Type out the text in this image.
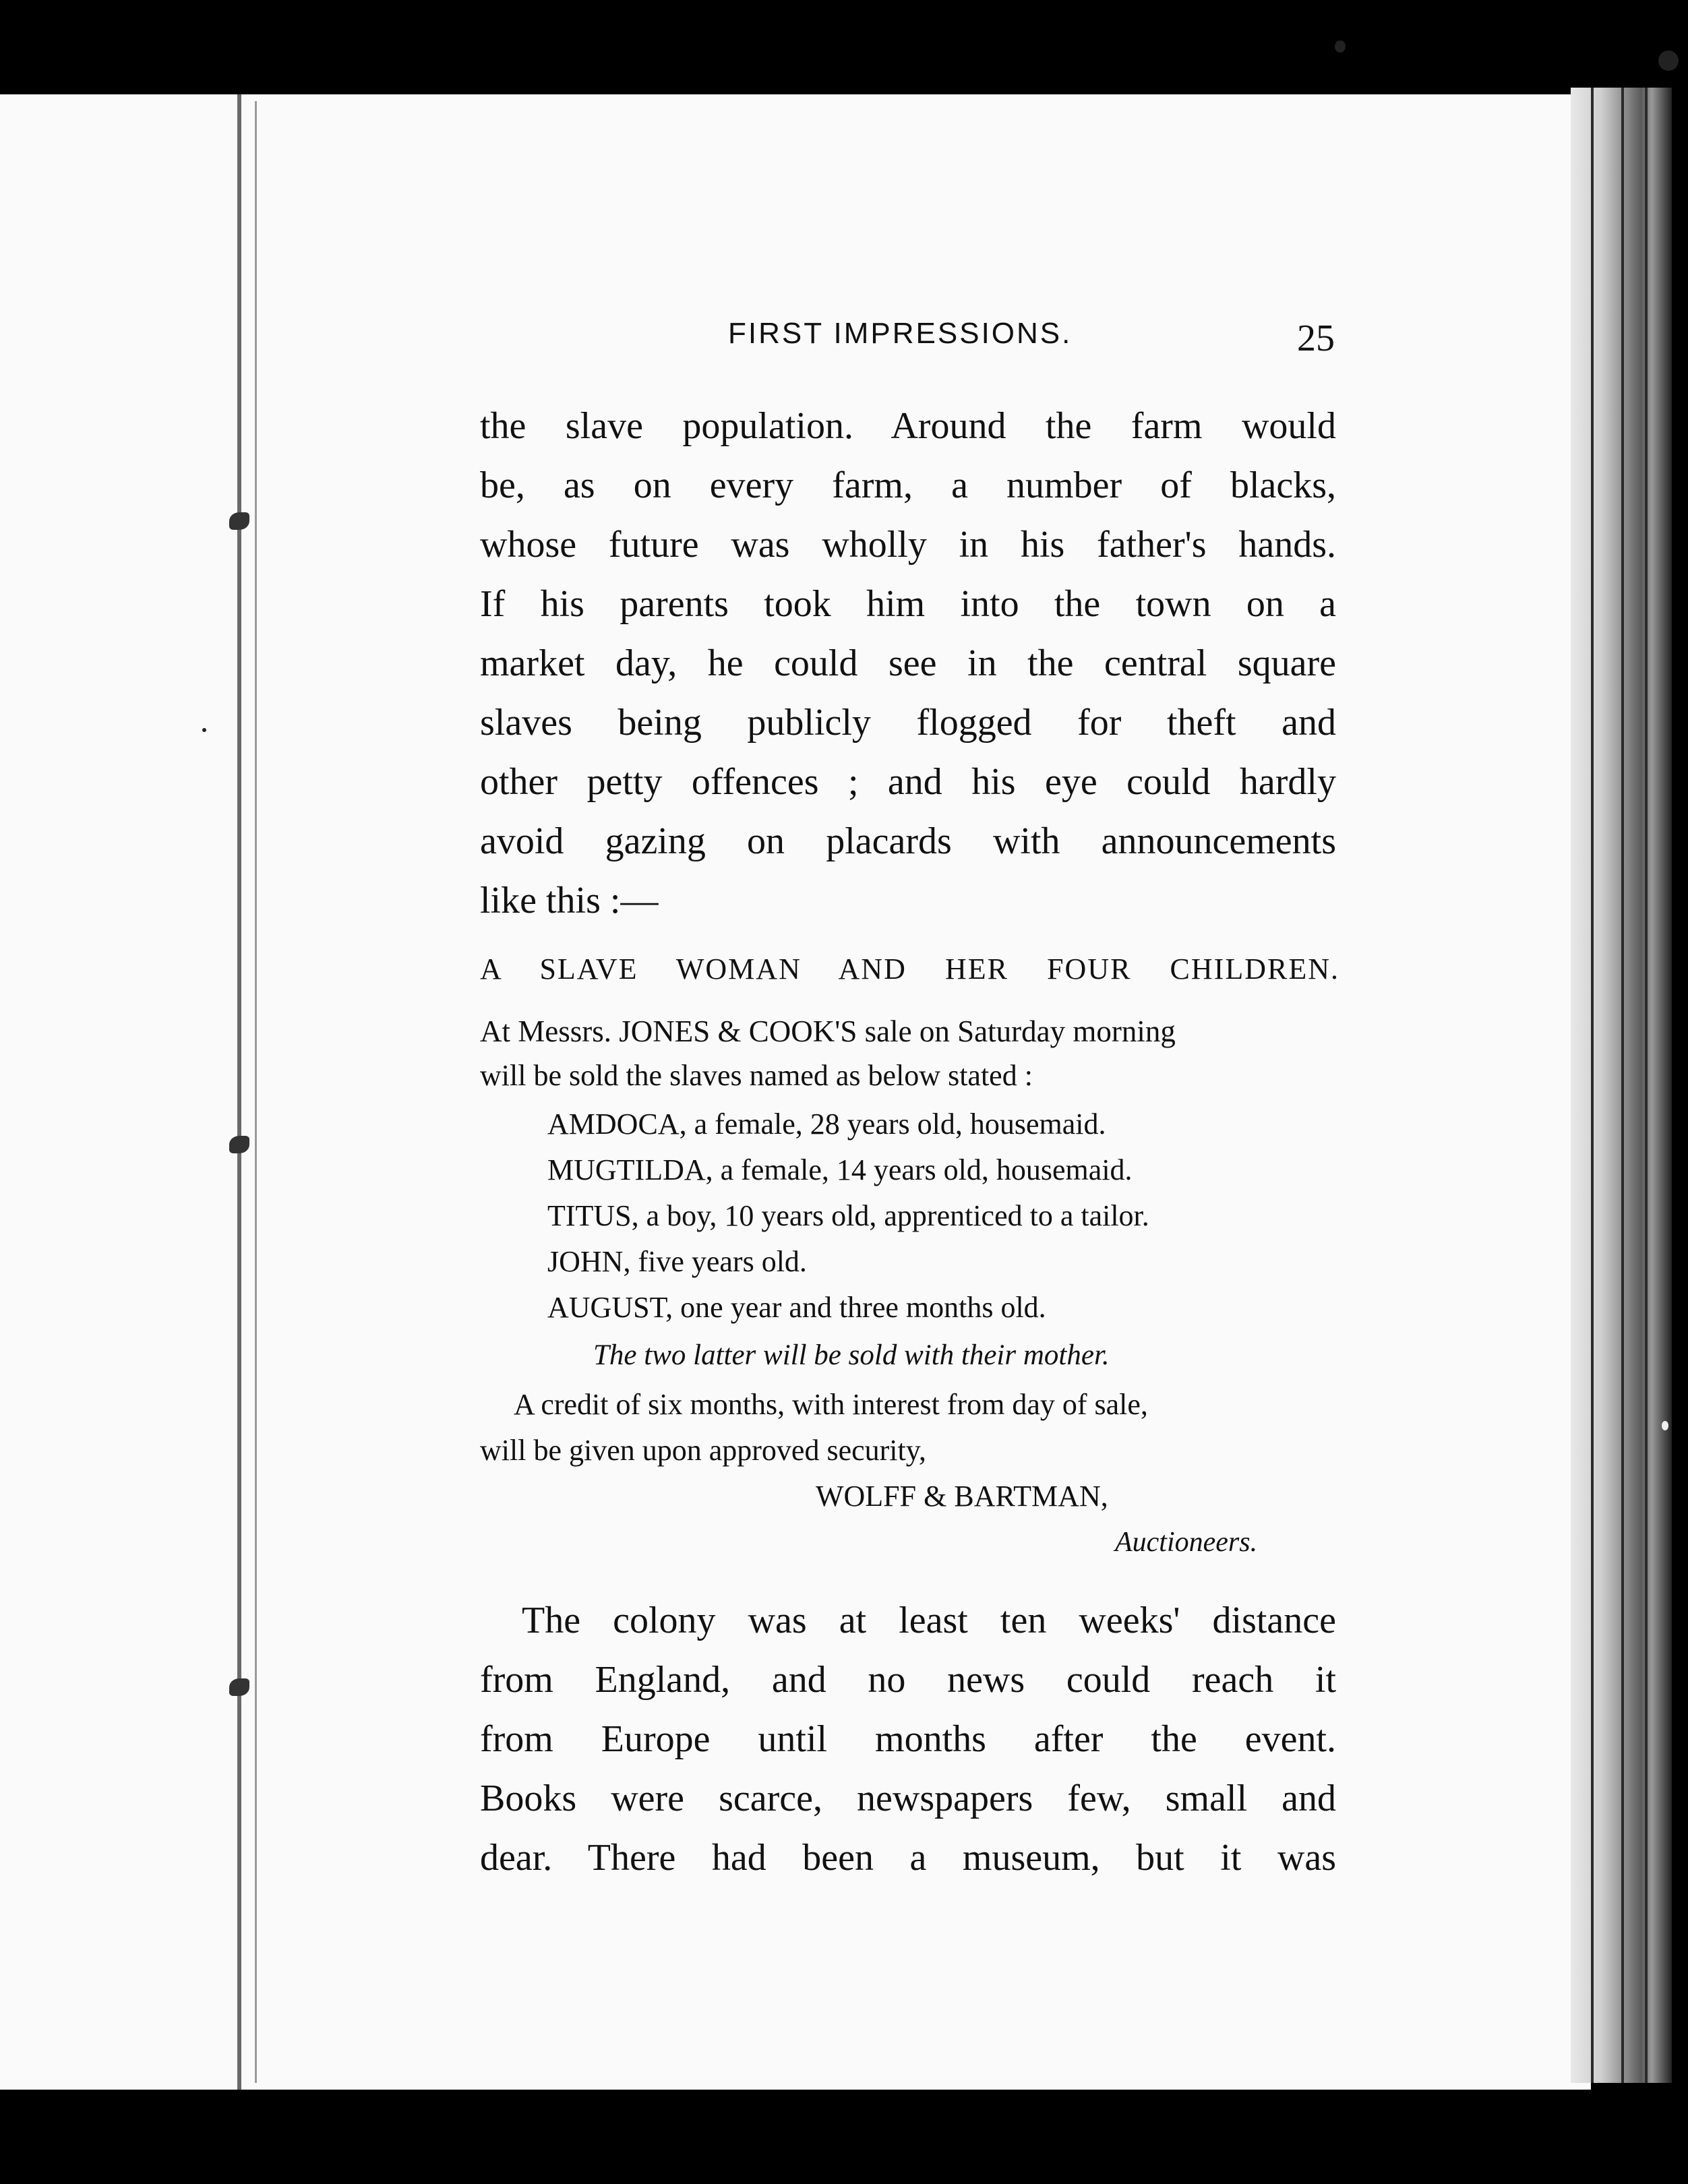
FIRST IMPRESSIONS.	25
the slave population. Around the farm would
be, as on every farm, a number of blacks,
whose future was wholly in his father's hands.
If his parents took him into the town on a
market day, he could see in the central square
slaves being publicly flogged for theft and
other petty offences ; and his eye could hardly
avoid gazing on placards with announcements
like this :—
A SLAVE WOMAN AND HER FOUR CHILDREN.
At Messrs. JONES & COOK'S sale on Saturday morning
will be sold the slaves named as below stated :
AMDOCA, a female, 28 years old, housemaid.
MUGTILDA, a female, 14 years old, housemaid.
TITUS, a boy, 10 years old, apprenticed to a tailor.
JOHN, five years old.
AUGUST, one year and three months old.
The two latter will be sold with their mother.
A credit of six months, with interest from day of sale,
will be given upon approved security,
WOLFF & BARTMAN,
Auctioneers.
The colony was at least ten weeks' distance
from England, and no news could reach it
from Europe until months after the event.
Books were scarce, newspapers few, small and
dear. There had been a museum, but it was
